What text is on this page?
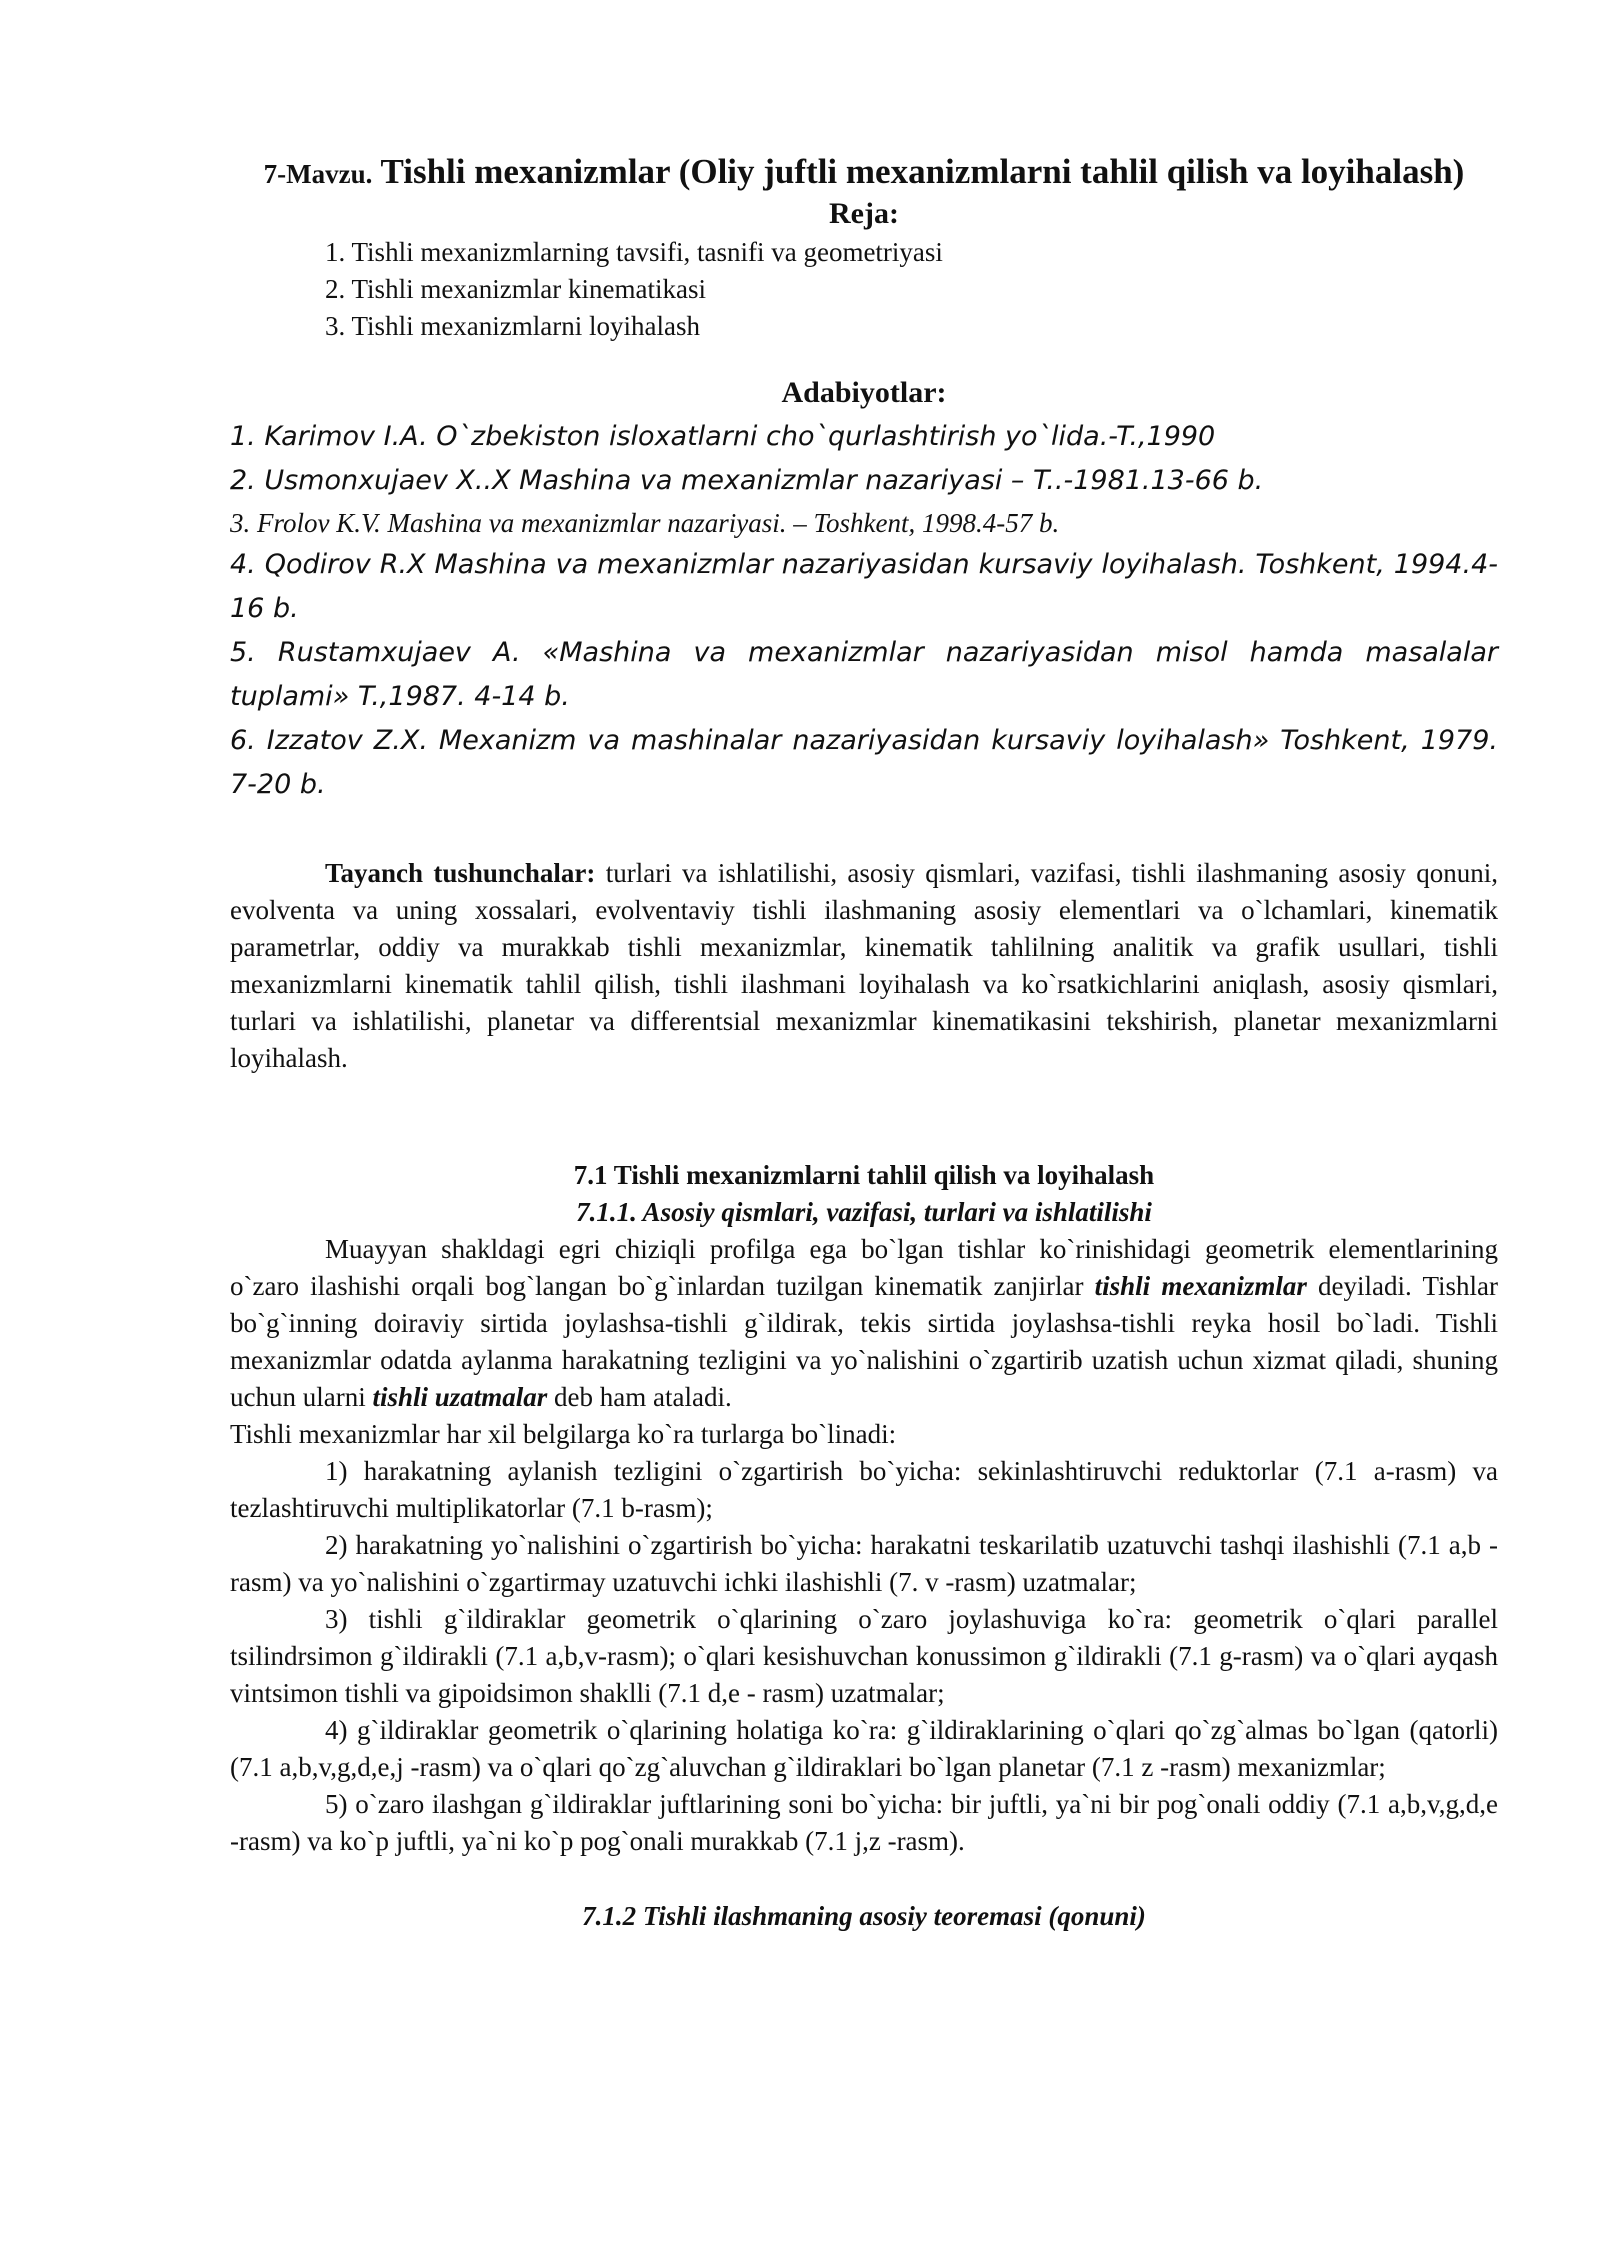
7-Mavzu. Tishli mexanizmlar (Oliy juftli mexanizmlarni tahlil qilish va loyihalash)

Reja:

1. Tishli mexanizmlarning tavsifi, tasnifi va geometriyasi
2. Tishli mexanizmlar kinematikasi
3. Tishli mexanizmlarni loyihalash

Adabiyotlar:

1. Karimov I.A. O`zbekiston isloxatlarni cho`qurlashtirish yo`lida.-T.,1990
2. Usmonxujaev X..X Mashina va mexanizmlar nazariyasi – T..-1981.13-66 b.
3. Frolov K.V. Mashina va mexanizmlar nazariyasi. – Toshkent, 1998.4-57 b.
4. Qodirov R.X Mashina va mexanizmlar nazariyasidan kursaviy loyihalash. Toshkent, 1994.4-16 b.
5. Rustamxujaev A. «Mashina va mexanizmlar nazariyasidan misol hamda masalalar tuplami» T.,1987. 4-14 b.
6. Izzatov Z.X. Mexanizm va mashinalar nazariyasidan kursaviy loyihalash» Toshkent, 1979. 7-20 b.

Tayanch tushunchalar: turlari va ishlatilishi, asosiy qismlari, vazifasi, tishli ilashmaning asosiy qonuni, evolventa va uning xossalari, evolventaviy tishli ilashmaning asosiy elementlari va o`lchamlari, kinematik parametrlar, oddiy va murakkab tishli mexanizmlar, kinematik tahlilning analitik va grafik usullari, tishli mexanizmlarni kinematik tahlil qilish, tishli ilashmani loyihalash va ko`rsatkichlarini aniqlash, asosiy qismlari, turlari va ishlatilishi, planetar va differentsial mexanizmlar kinematikasini tekshirish, planetar mexanizmlarni loyihalash.

7.1 Tishli mexanizmlarni tahlil qilish va loyihalash

7.1.1. Asosiy qismlari, vazifasi, turlari va ishlatilishi

Muayyan shakldagi egri chiziqli profilga ega bo`lgan tishlar ko`rinishidagi geometrik elementlarining o`zaro ilashishi orqali bog`langan bo`g`inlardan tuzilgan kinematik zanjirlar tishli mexanizmlar deyiladi. Tishlar bo`g`inning doiraviy sirtida joylashsa-tishli g`ildirak, tekis sirtida joylashsa-tishli reyka hosil bo`ladi. Tishli mexanizmlar odatda aylanma harakatning tezligini va yo`nalishini o`zgartirib uzatish uchun xizmat qiladi, shuning uchun ularni tishli uzatmalar deb ham ataladi.

Tishli mexanizmlar har xil belgilarga ko`ra turlarga bo`linadi:

1) harakatning aylanish tezligini o`zgartirish bo`yicha: sekinlashtiruvchi reduktorlar (7.1 a-rasm) va tezlashtiruvchi multiplikatorlar (7.1 b-rasm);

2) harakatning yo`nalishini o`zgartirish bo`yicha: harakatni teskarilatib uzatuvchi tashqi ilashishli (7.1 a,b -rasm) va yo`nalishini o`zgartirmay uzatuvchi ichki ilashishli (7. v -rasm) uzatmalar;

3) tishli g`ildiraklar geometrik o`qlarining o`zaro joylashuviga ko`ra: geometrik o`qlari parallel tsilindrsimon g`ildirakli (7.1 a,b,v-rasm); o`qlari kesishuvchan konussimon g`ildirakli (7.1 g-rasm) va o`qlari ayqash vintsimon tishli va gipoidsimon shaklli (7.1 d,e - rasm) uzatmalar;

4) g`ildiraklar geometrik o`qlarining holatiga ko`ra: g`ildiraklarining o`qlari qo`zg`almas bo`lgan (qatorli) (7.1 a,b,v,g,d,e,j -rasm) va o`qlari qo`zg`aluvchan g`ildiraklari bo`lgan planetar (7.1 z -rasm) mexanizmlar;

5) o`zaro ilashgan g`ildiraklar juftlarining soni bo`yicha: bir juftli, ya`ni bir pog`onali oddiy (7.1 a,b,v,g,d,e -rasm) va ko`p juftli, ya`ni ko`p pog`onali murakkab (7.1 j,z -rasm).

7.1.2 Tishli ilashmaning asosiy teoremasi (qonuni)
